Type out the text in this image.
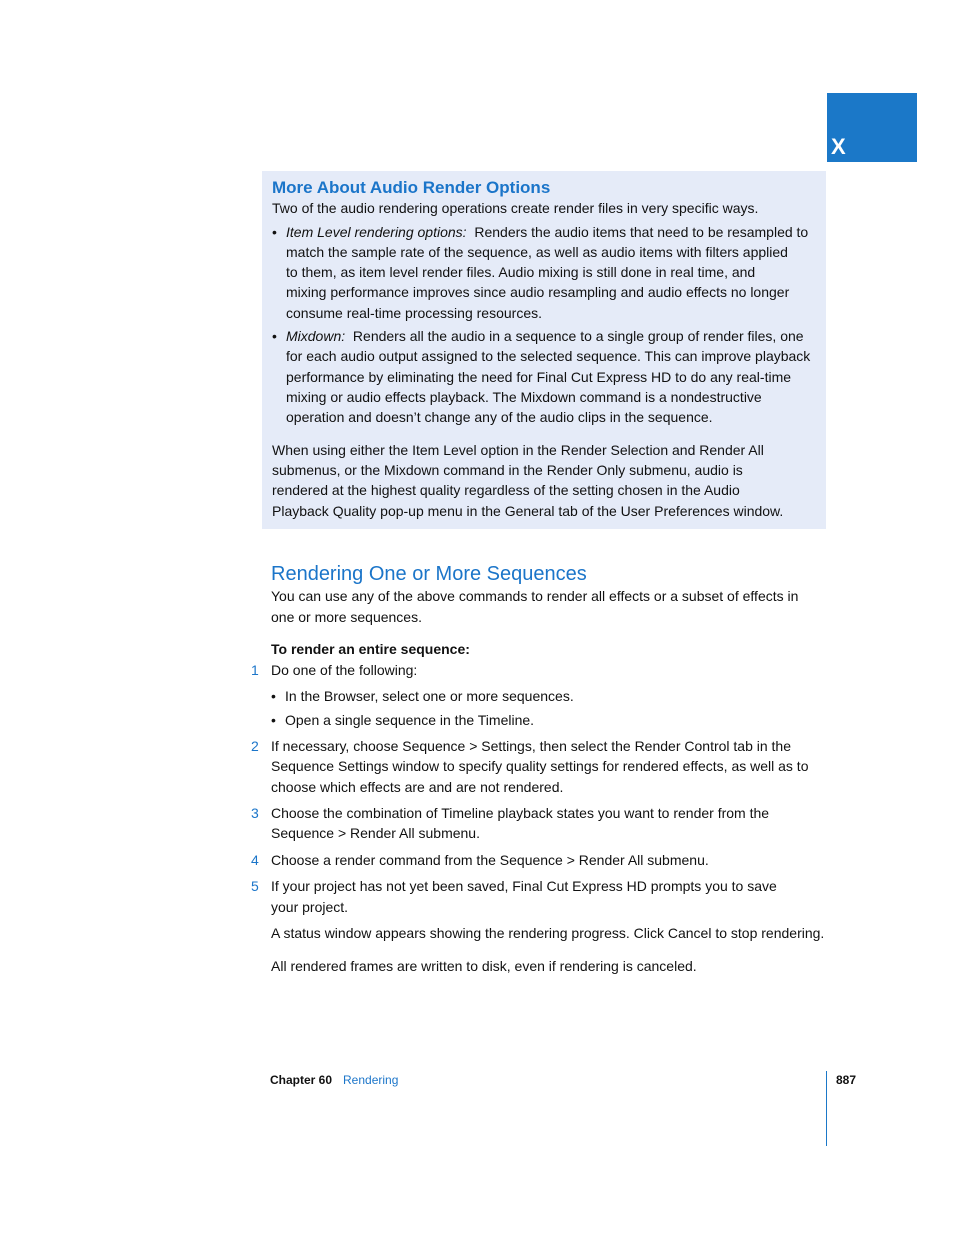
X
More About Audio Render Options

Two of the audio rendering operations create render files in very specific ways.

• Item Level rendering options: Renders the audio items that need to be resampled to

match the sample rate of the sequence, as well as audio items with filters applied

to them, as item level render files. Audio mixing is still done in real time, and

mixing performance improves since audio resampling and audio effects no longer

consume real-time processing resources.

• Mixdown: Renders all the audio in a sequence to a single group of render files, one

for each audio output assigned to the selected sequence. This can improve playback

performance by eliminating the need for Final Cut Express HD to do any real-time

mixing or audio effects playback. The Mixdown command is a nondestructive

operation and doesn’t change any of the audio clips in the sequence.

When using either the Item Level option in the Render Selection and Render All

submenus, or the Mixdown command in the Render Only submenu, audio is

rendered at the highest quality regardless of the setting chosen in the Audio

Playback Quality pop-up menu in the General tab of the User Preferences window.

Rendering One or More Sequences

You can use any of the above commands to render all effects or a subset of effects in

one or more sequences.

To render an entire sequence:

1 Do one of the following:

• In the Browser, select one or more sequences.

• Open a single sequence in the Timeline.

2 If necessary, choose Sequence > Settings, then select the Render Control tab in the

Sequence Settings window to specify quality settings for rendered effects, as well as to

choose which effects are and are not rendered.

3 Choose the combination of Timeline playback states you want to render from the

Sequence > Render All submenu.

4 Choose a render command from the Sequence > Render All submenu.

5 If your project has not yet been saved, Final Cut Express HD prompts you to save

your project.

A status window appears showing the rendering progress. Click Cancel to stop rendering.

All rendered frames are written to disk, even if rendering is canceled.

Chapter 60 Rendering	887
